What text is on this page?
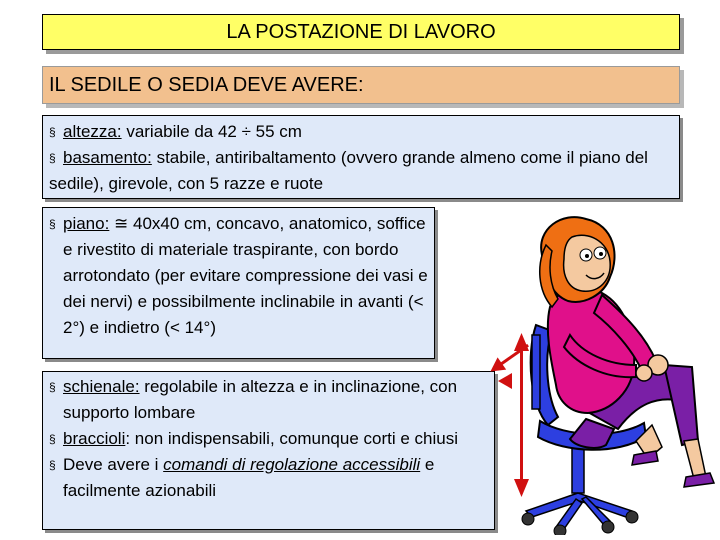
LA POSTAZIONE DI LAVORO
IL SEDILE O SEDIA DEVE AVERE:
§ altezza: variabile da 42 ÷ 55 cm
§ basamento: stabile, antiribaltamento (ovvero grande almeno come il piano del sedile), girevole, con 5 razze e ruote
§ piano: ≅ 40x40 cm, concavo, anatomico, soffice e rivestito di materiale traspirante, con bordo arrotondato (per evitare compressione dei vasi e dei nervi) e possibilmente inclinabile in avanti (< 2°) e indietro (< 14°)
§ schienale: regolabile in altezza e in inclinazione, con supporto lombare
§ braccioli: non indispensabili, comunque corti e chiusi
§ Deve avere i comandi di regolazione accessibili e facilmente azionabili
